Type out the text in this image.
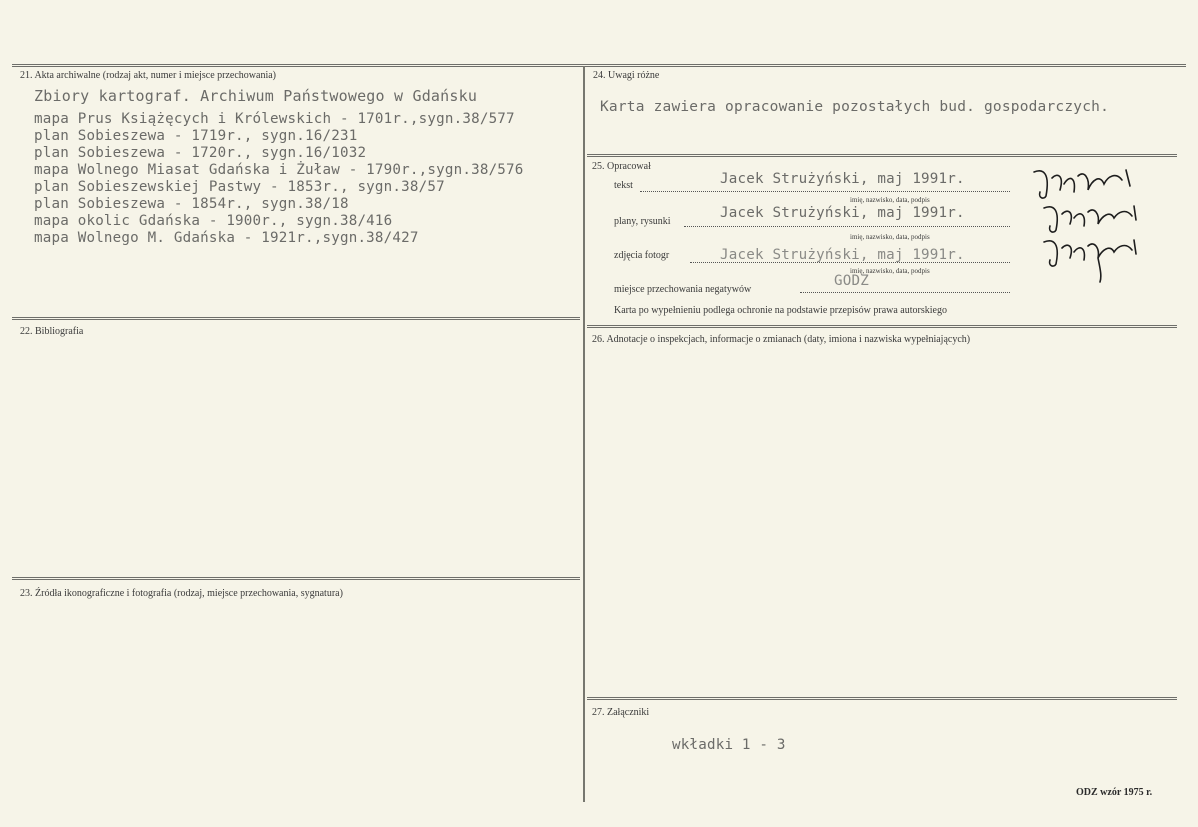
21. Akta archiwalne (rodzaj akt, numer i miejsce przechowania)
Zbiory kartograf. Archiwum Państwowego w Gdańsku
mapa Prus Książęcych i Królewskich - 1701r.,sygn.38/577
plan Sobieszewa - 1719r., sygn.16/231
plan Sobieszewa - 1720r., sygn.16/1032
mapa Wolnego Miasat Gdańska i Żuław - 1790r.,sygn.38/576
plan Sobieszewskiej Pastwy - 1853r., sygn.38/57
plan Sobieszewa - 1854r., sygn.38/18
mapa okolic Gdańska - 1900r., sygn.38/416
mapa Wolnego M. Gdańska - 1921r.,sygn.38/427
22. Bibliografia
23. Źródła ikonograficzne i fotografia (rodzaj, miejsce przechowania, sygnatura)
24. Uwagi różne
Karta zawiera opracowanie pozostałych bud. gospodarczych.
25. Opracował
tekst	Jacek Strużyński, maj 1991r.
imię, nazwisko, data, podpis
plany, rysunki
Jacek Strużyński, maj 1991r.
imię, nazwisko, data, podpis
zdjęcia fotogr	Jacek Strużyński, maj 1991r.
imię, nazwisko, data, podpis
miejsce przechowania negatywów
GODZ
Karta po wypełnieniu podlega ochronie na podstawie przepisów prawa autorskiego
26. Adnotacje o inspekcjach, informacje o zmianach (daty, imiona i nazwiska wypełniających)
27. Załączniki
wkładki 1 - 3
ODZ wzór 1975 r.
